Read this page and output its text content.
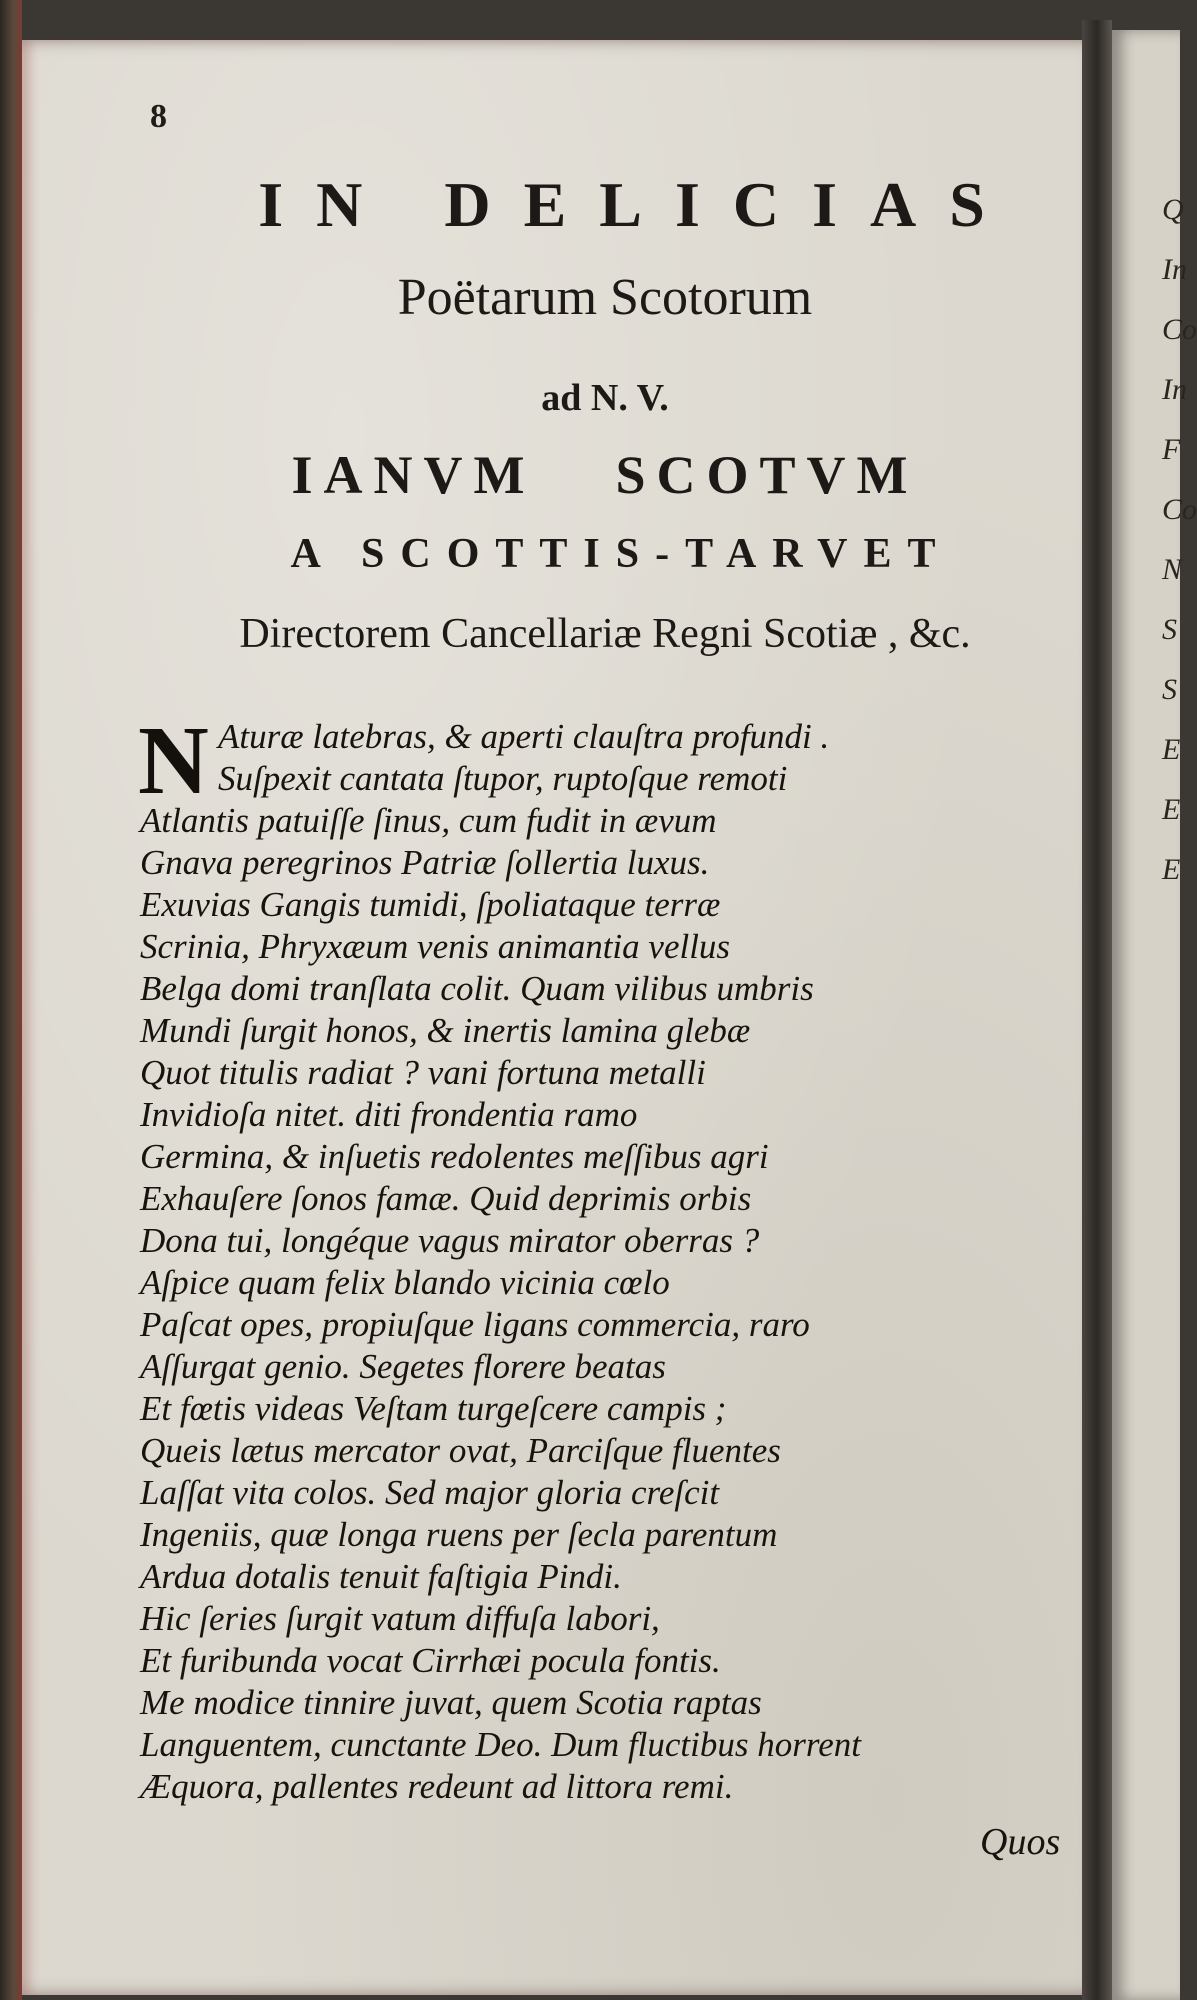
Q
In
Co
In
F
Co
N
S
S
E
E
E
8
IN DELICIAS
Poëtarum Scotorum
ad N. V.
IANVM SCOTVM
A SCOTTIS-TARVET
Directorem Cancellariæ Regni Scotiæ , &c.
N Aturæ latebras, & aperti clauſtra profundi .
Suſpexit cantata ſtupor, ruptoſque remoti
Atlantis patuiſſe ſinus, cum fudit in ævum
Gnava peregrinos Patriæ ſollertia luxus.
Exuvias Gangis tumidi, ſpoliataque terræ
Scrinia, Phryxæum venis animantia vellus
Belga domi tranſlata colit. Quam vilibus umbris
Mundi ſurgit honos, & inertis lamina glebæ
Quot titulis radiat ? vani fortuna metalli
Invidioſa nitet. diti frondentia ramo
Germina, & inſuetis redolentes meſſibus agri
Exhauſere ſonos famæ. Quid deprimis orbis
Dona tui, longéque vagus mirator oberras ?
Aſpice quam felix blando vicinia cœlo
Paſcat opes, propiuſque ligans commercia, raro
Aſſurgat genio. Segetes florere beatas
Et fœtis videas Veſtam turgeſcere campis ;
Queis lætus mercator ovat, Parciſque fluentes
Laſſat vita colos. Sed major gloria creſcit
Ingeniis, quæ longa ruens per ſecla parentum
Ardua dotalis tenuit faſtigia Pindi.
Hic ſeries ſurgit vatum diffuſa labori,
Et furibunda vocat Cirrhæi pocula fontis.
Me modice tinnire juvat, quem Scotia raptas
Languentem, cunctante Deo. Dum fluctibus horrent
Æquora, pallentes redeunt ad littora remi.
Quos
